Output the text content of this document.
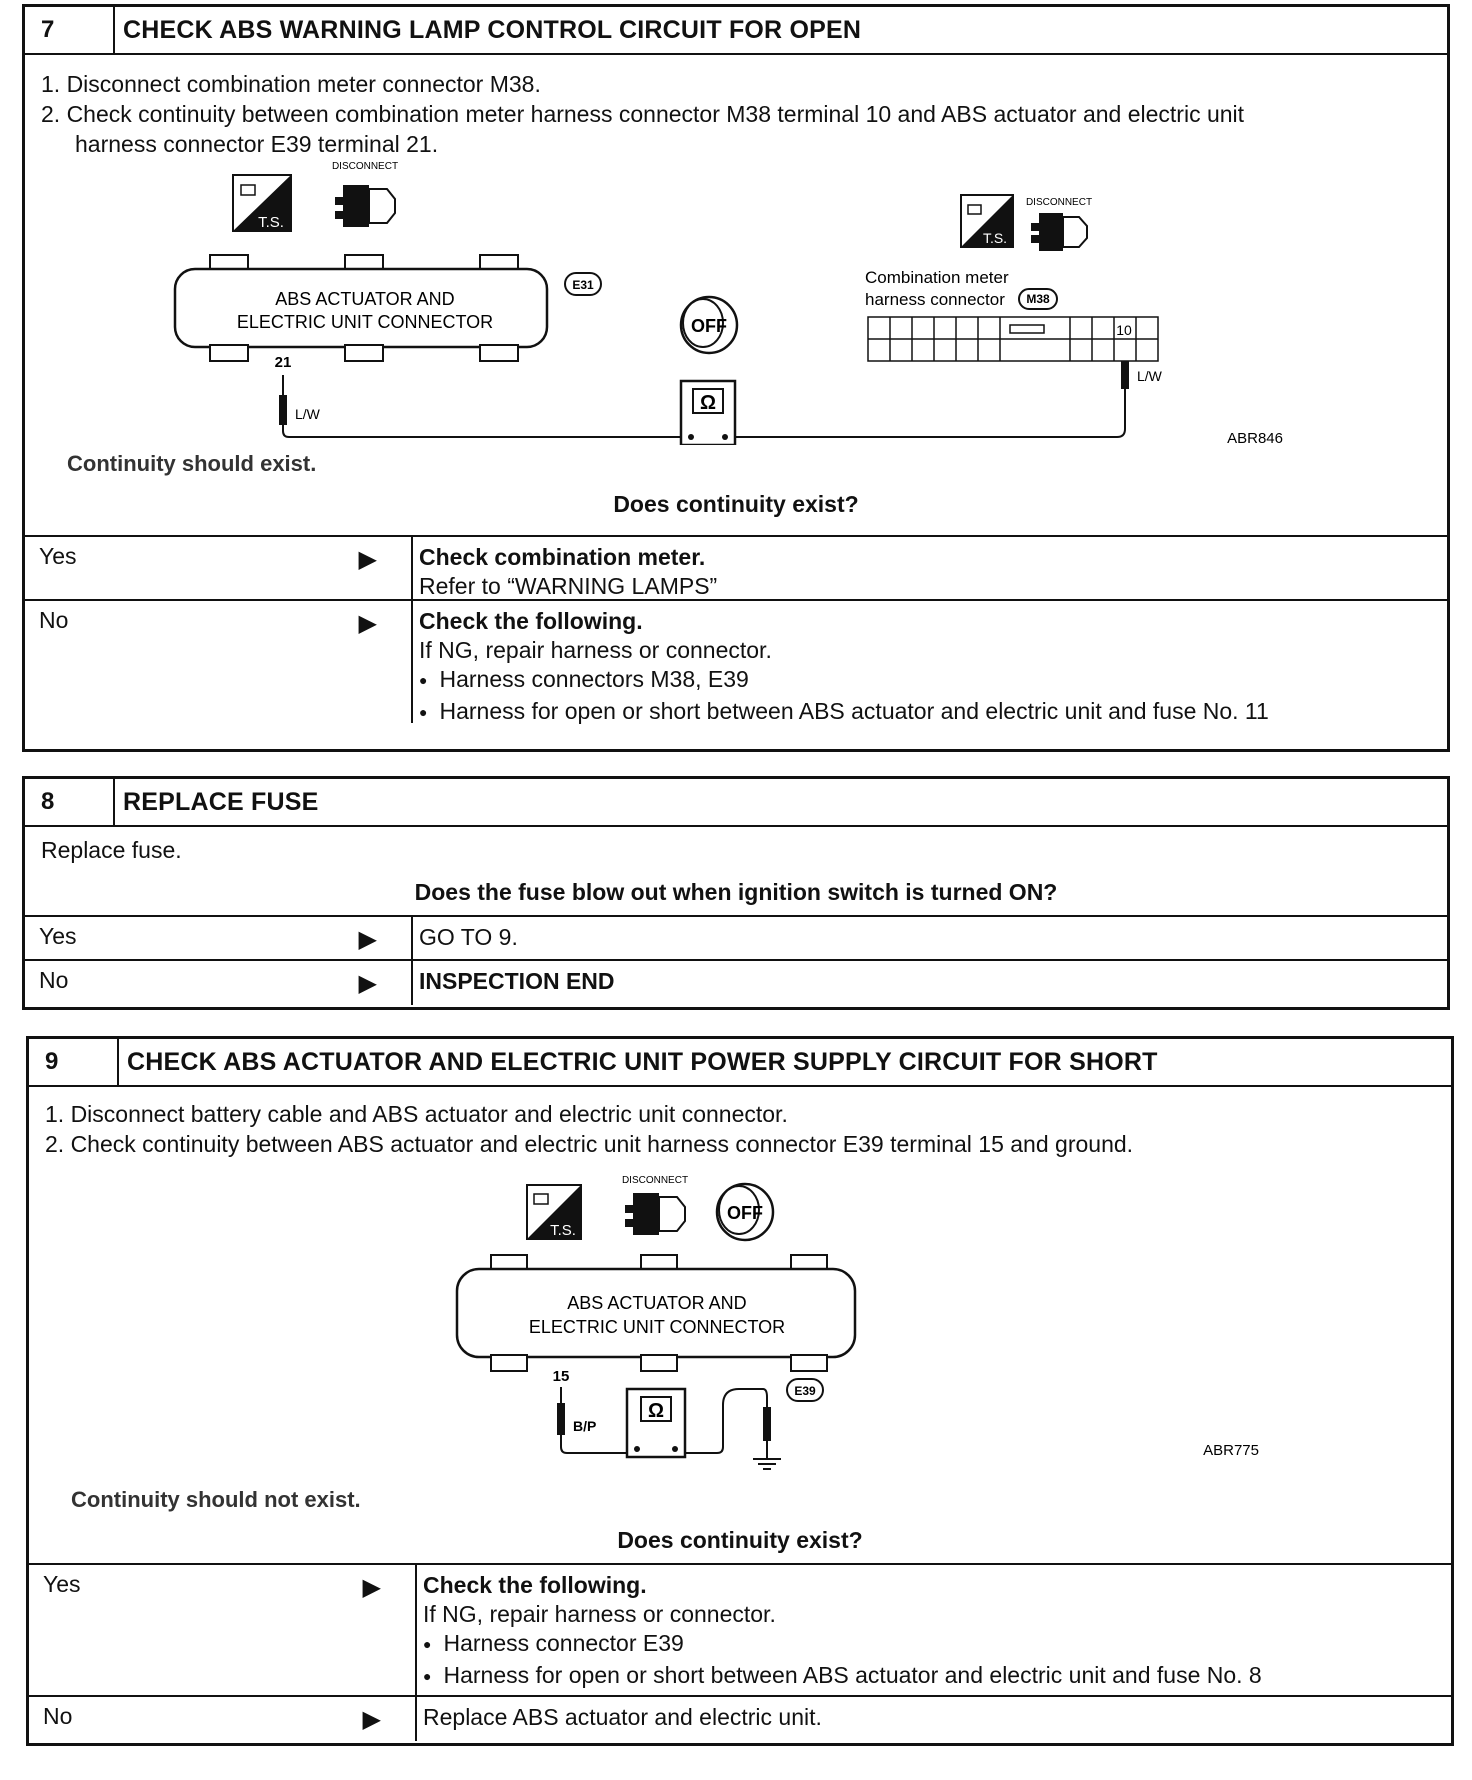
7	CHECK ABS WARNING LAMP CONTROL CIRCUIT FOR OPEN
1. Disconnect combination meter connector M38.
2. Check continuity between combination meter harness connector M38 terminal 10 and ABS actuator and electric unit
harness connector E39 terminal 21.
T.S.
DISCONNECT
ABS ACTUATOR AND
ELECTRIC UNIT CONNECTOR
E31
21
L/W
OFF
Ω
T.S.
DISCONNECT
Combination meter
harness connector M38
10
L/W
ABR846
Continuity should exist.
Does continuity exist?
Yes	▶ Check combination meter.
Refer to “WARNING LAMPS”
No	▶ Check the following.
If NG, repair harness or connector.
● Harness connectors M38, E39
● Harness for open or short between ABS actuator and electric unit and fuse No. 11
8	REPLACE FUSE
Replace fuse.
Does the fuse blow out when ignition switch is turned ON?
Yes	▶ GO TO 9.
No	▶ INSPECTION END
9	CHECK ABS ACTUATOR AND ELECTRIC UNIT POWER SUPPLY CIRCUIT FOR SHORT
1. Disconnect battery cable and ABS actuator and electric unit connector.
2. Check continuity between ABS actuator and electric unit harness connector E39 terminal 15 and ground.
T.S.
DISCONNECT
OFF
ABS ACTUATOR AND
ELECTRIC UNIT CONNECTOR
15
B/P
Ω
E39
ABR775
Continuity should not exist.
Does continuity exist?
Yes	▶ Check the following.
If NG, repair harness or connector.
● Harness connector E39
● Harness for open or short between ABS actuator and electric unit and fuse No. 8
No	▶ Replace ABS actuator and electric unit.
